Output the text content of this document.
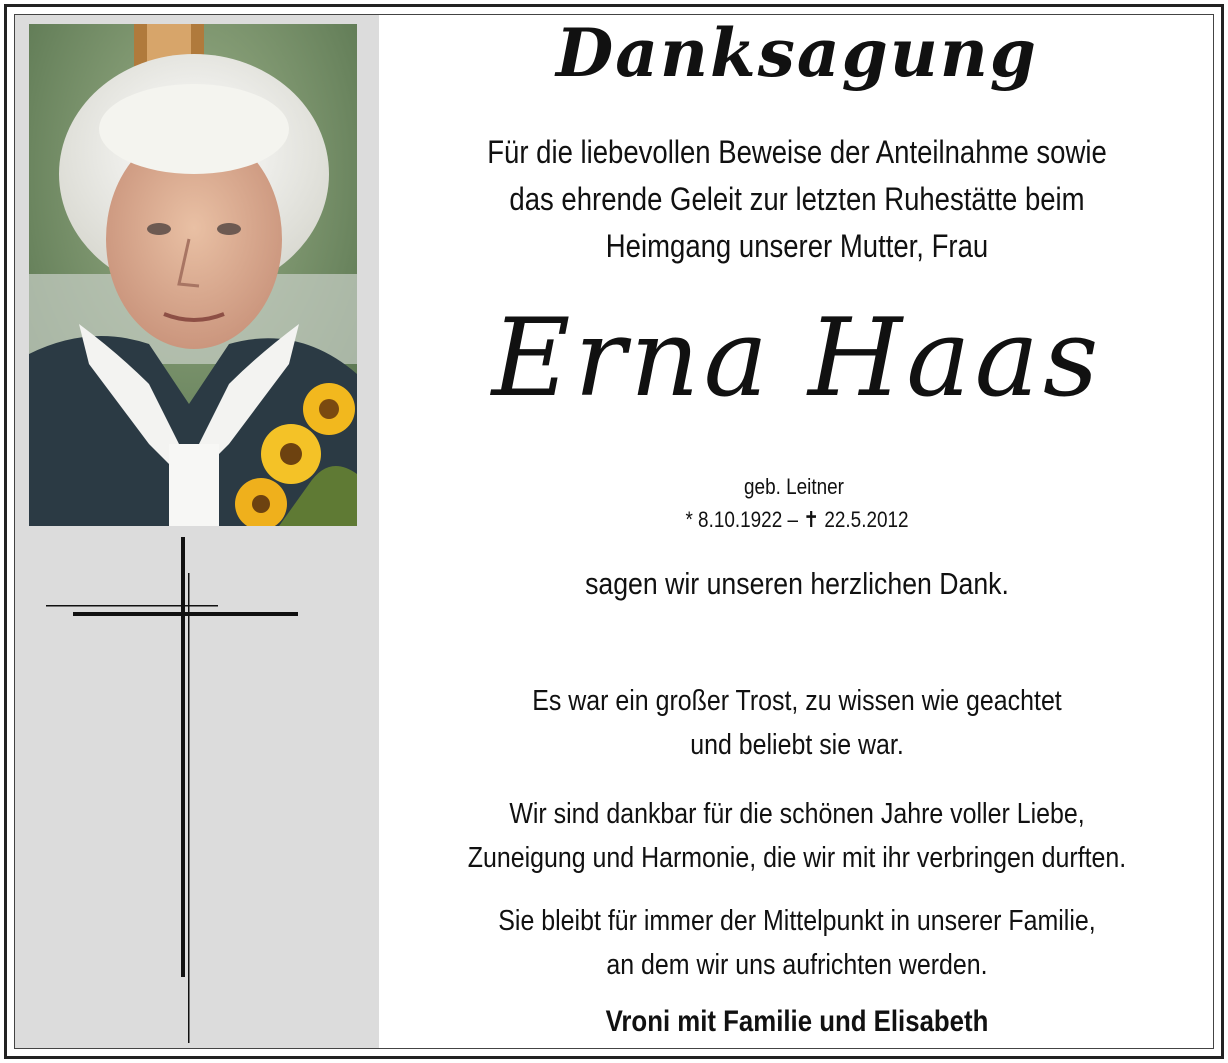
Danksagung
Für die liebevollen Beweise der Anteilnahme sowie
das ehrende Geleit zur letzten Ruhestätte beim
Heimgang unserer Mutter, Frau
Erna Haas
geb. Leitner
* 8.10.1922 – ✝ 22.5.2012
sagen wir unseren herzlichen Dank.
Es war ein großer Trost, zu wissen wie geachtet
und beliebt sie war.
Wir sind dankbar für die schönen Jahre voller Liebe,
Zuneigung und Harmonie, die wir mit ihr verbringen durften.
Sie bleibt für immer der Mittelpunkt in unserer Familie,
an dem wir uns aufrichten werden.
Vroni mit Familie und Elisabeth
